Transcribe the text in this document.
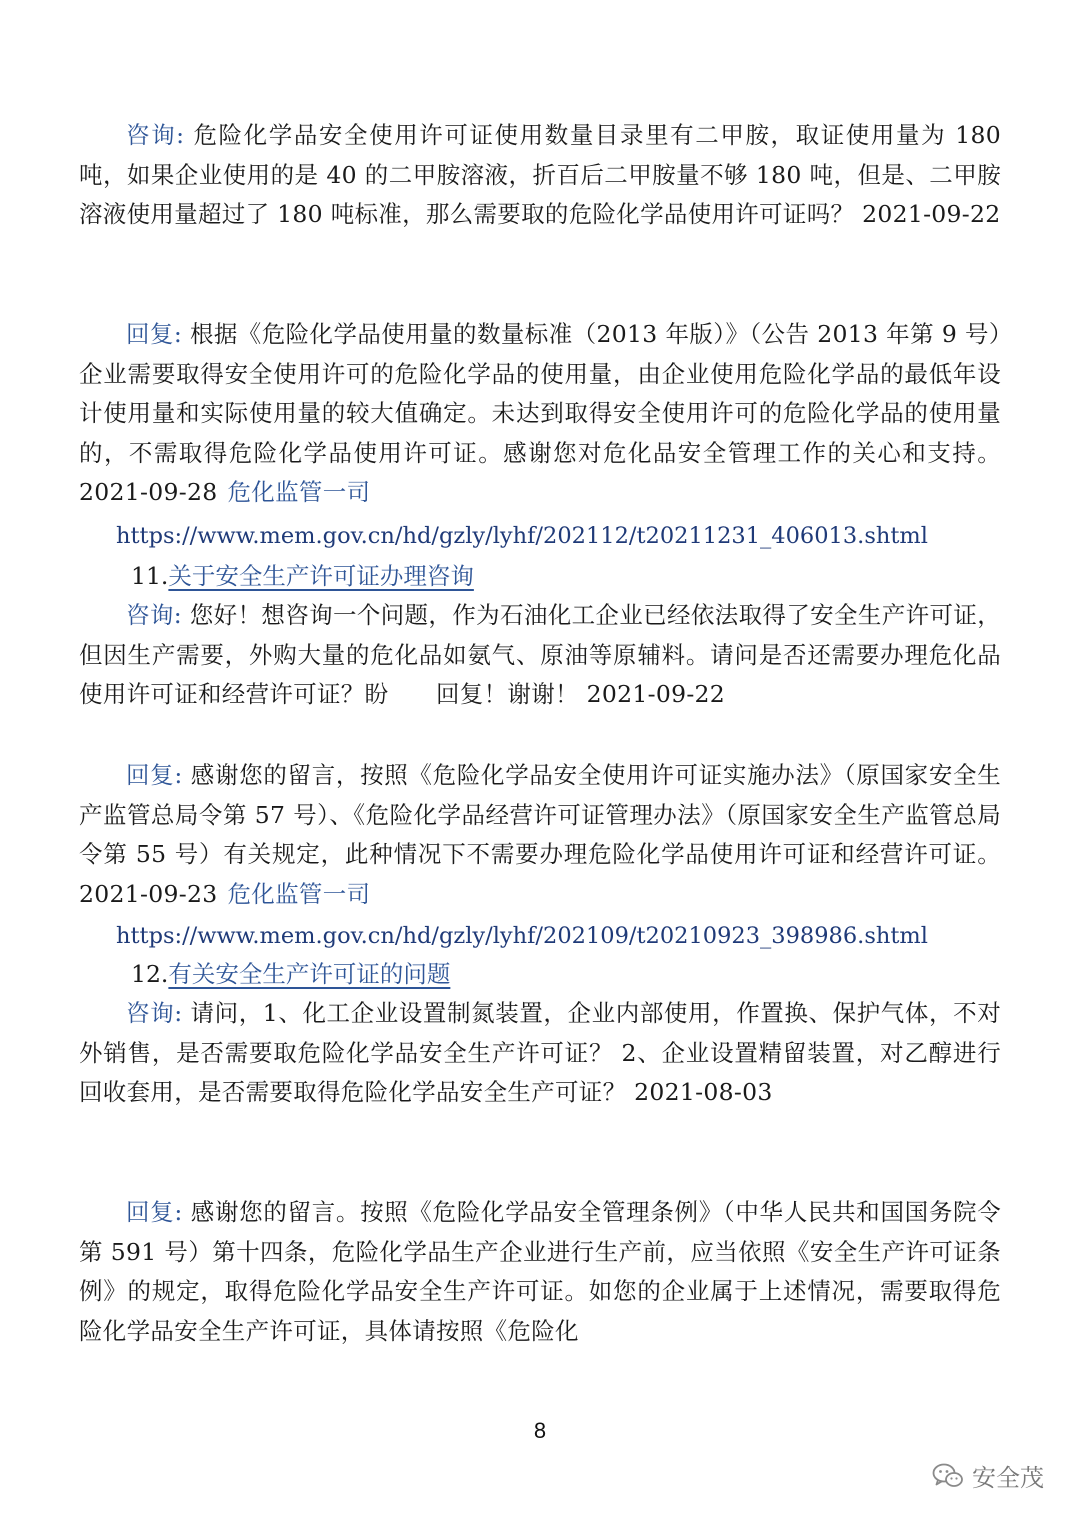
咨询: 危险化学品安全使用许可证使用数量目录里有二甲胺，取证使用量为 180 吨，如果企业使用的是 40 的二甲胺溶液，折百后二甲胺量不够 180 吨，但是、二甲胺溶液使用量超过了 180 吨标准，那么需要取的危险化学品使用许可证吗？ 2021-09-22

回复: 根据《危险化学品使用量的数量标准（2013 年版）》（公告 2013 年第 9 号）企业需要取得安全使用许可的危险化学品的使用量，由企业使用危险化学品的最低年设计使用量和实际使用量的较大值确定。未达到取得安全使用许可的危险化学品的使用量的，不需取得危险化学品使用许可证。感谢您对危化品安全管理工作的关心和支持。 2021-09-28 危化监管一司

https://www.mem.gov.cn/hd/gzly/lyhf/202112/t20211231_406013.shtml

11.关于安全生产许可证办理咨询

咨询: 您好！想咨询一个问题，作为石油化工企业已经依法取得了安全生产许可证，但因生产需要，外购大量的危化品如氨气、原油等原辅料。请问是否还需要办理危化品使用许可证和经营许可证？盼　　回复！谢谢！ 2021-09-22

回复: 感谢您的留言，按照《危险化学品安全使用许可证实施办法》（原国家安全生产监管总局令第 57 号）、《危险化学品经营许可证管理办法》（原国家安全生产监管总局令第 55 号）有关规定，此种情况下不需要办理危险化学品使用许可证和经营许可证。 2021-09-23 危化监管一司

https://www.mem.gov.cn/hd/gzly/lyhf/202109/t20210923_398986.shtml

12.有关安全生产许可证的问题

咨询: 请问，1、化工企业设置制氮装置，企业内部使用，作置换、保护气体，不对外销售，是否需要取危险化学品安全生产许可证？ 2、企业设置精留装置，对乙醇进行回收套用，是否需要取得危险化学品安全生产可证？ 2021-08-03

回复: 感谢您的留言。按照《危险化学品安全管理条例》（中华人民共和国国务院令第 591 号）第十四条，危险化学品生产企业进行生产前，应当依照《安全生产许可证条例》的规定，取得危险化学品安全生产许可证。如您的企业属于上述情况，需要取得危险化学品安全生产许可证，具体请按照《危险化

8
安全茂
